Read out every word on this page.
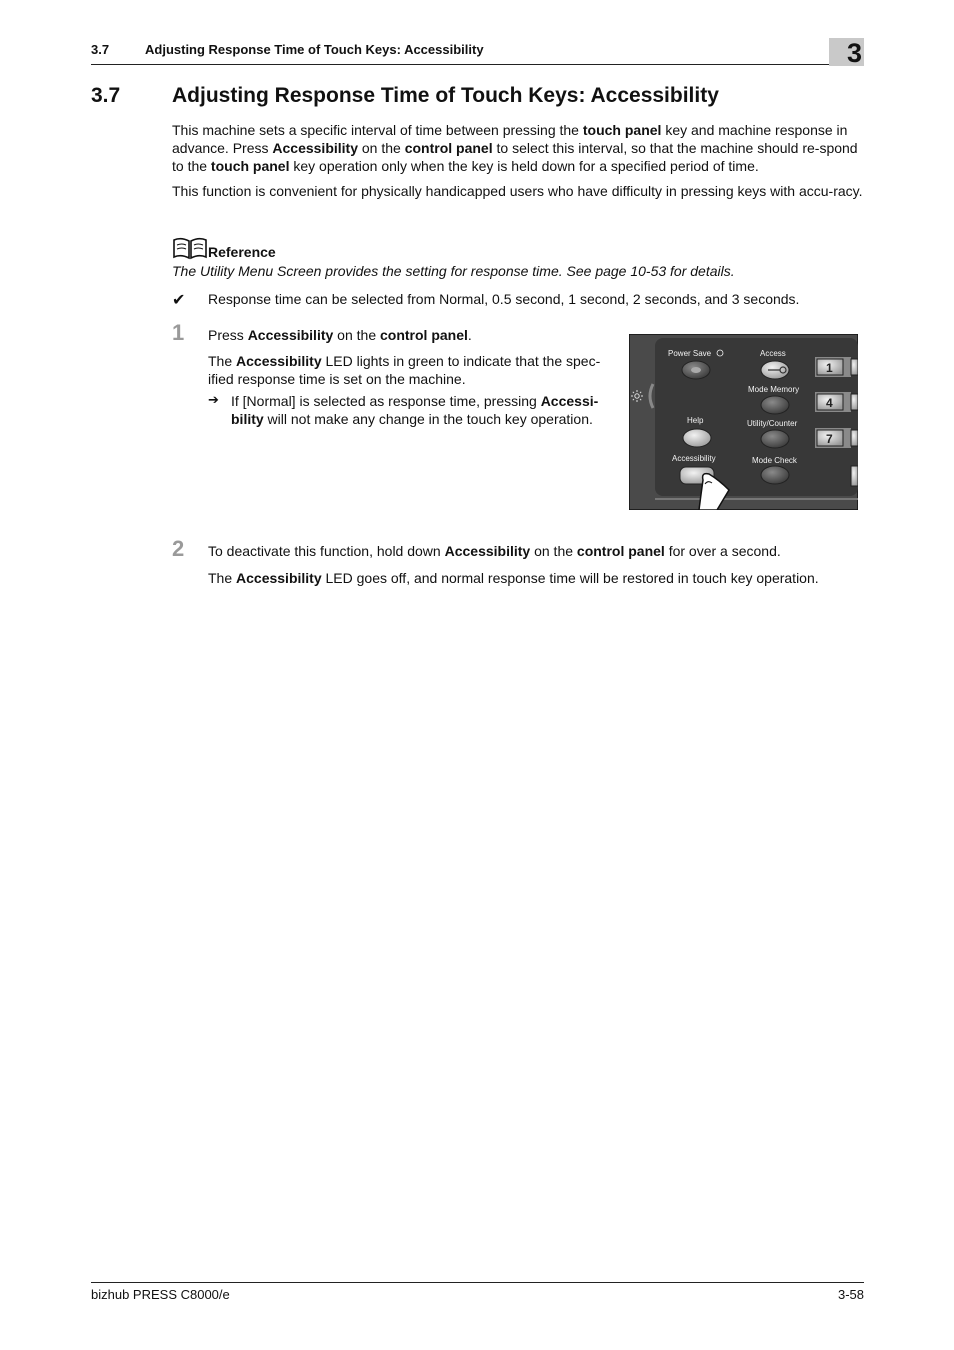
3.7	Adjusting Response Time of Touch Keys: Accessibility	3
3.7 Adjusting Response Time of Touch Keys: Accessibility
This machine sets a specific interval of time between pressing the touch panel key and machine response in advance. Press Accessibility on the control panel to select this interval, so that the machine should re-spond to the touch panel key operation only when the key is held down for a specified period of time.
This function is convenient for physically handicapped users who have difficulty in pressing keys with accu-racy.
Reference
The Utility Menu Screen provides the setting for response time. See page 10-53 for details.
✔ Response time can be selected from Normal, 0.5 second, 1 second, 2 seconds, and 3 seconds.
1 Press Accessibility on the control panel.
The Accessibility LED lights in green to indicate that the spec-ified response time is set on the machine.
➔ If [Normal] is selected as response time, pressing Accessi-bility will not make any change in the touch key operation.
Power Save	Access
Mode Memory
Help	Utility/Counter
Accessibility	Mode Check
1
4
7
2 To deactivate this function, hold down Accessibility on the control panel for over a second.
The Accessibility LED goes off, and normal response time will be restored in touch key operation.
bizhub PRESS C8000/e	3-58
